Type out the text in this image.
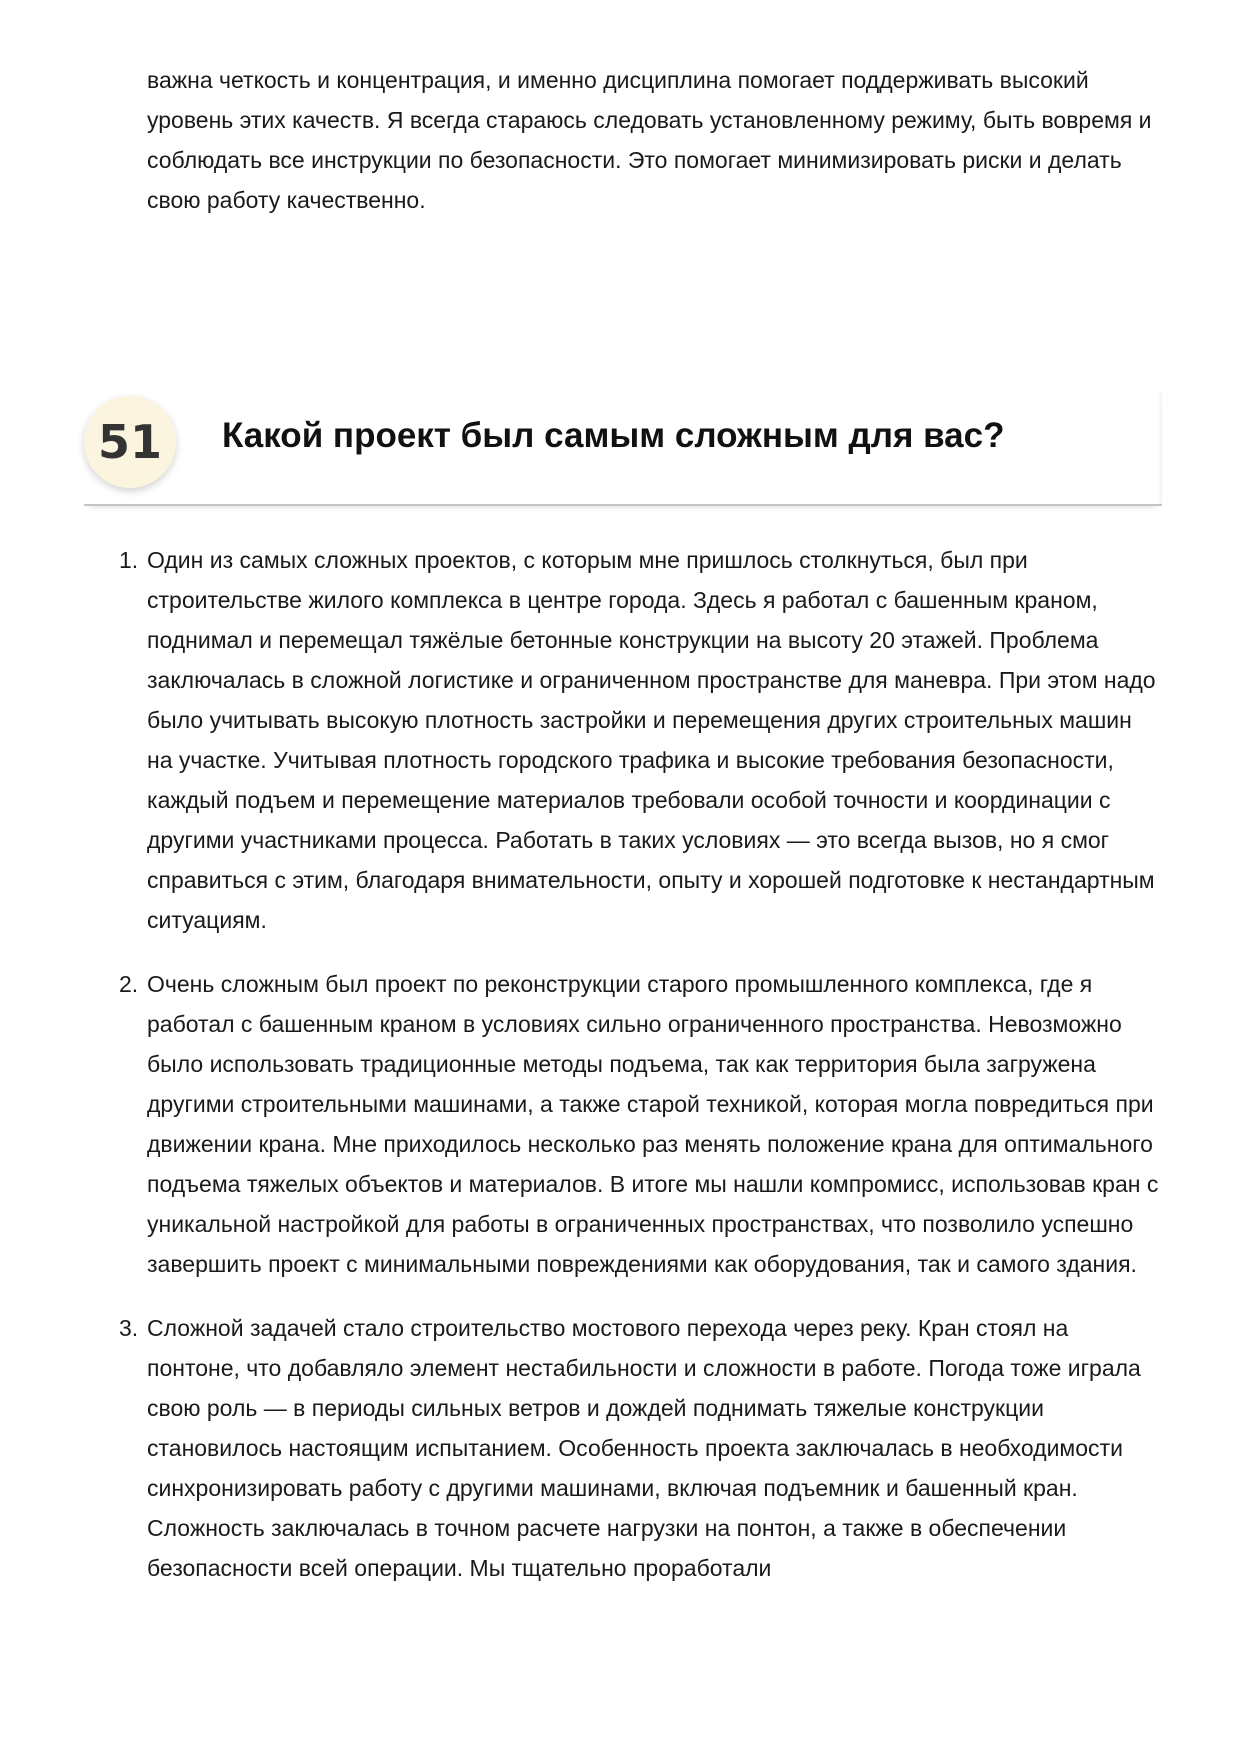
важна четкость и концентрация, и именно дисциплина помогает поддерживать высокий уровень этих качеств. Я всегда стараюсь следовать установленному режиму, быть вовремя и соблюдать все инструкции по безопасности. Это помогает минимизировать риски и делать свою работу качественно.

51	Какой проект был самым сложным для вас?
1. Один из самых сложных проектов, с которым мне пришлось столкнуться, был при строительстве жилого комплекса в центре города. Здесь я работал с башенным краном, поднимал и перемещал тяжёлые бетонные конструкции на высоту 20 этажей. Проблема заключалась в сложной логистике и ограниченном пространстве для маневра. При этом надо было учитывать высокую плотность застройки и перемещения других строительных машин на участке. Учитывая плотность городского трафика и высокие требования безопасности, каждый подъем и перемещение материалов требовали особой точности и координации с другими участниками процесса. Работать в таких условиях — это всегда вызов, но я смог справиться с этим, благодаря внимательности, опыту и хорошей подготовке к нестандартным ситуациям.
2. Очень сложным был проект по реконструкции старого промышленного комплекса, где я работал с башенным краном в условиях сильно ограниченного пространства. Невозможно было использовать традиционные методы подъема, так как территория была загружена другими строительными машинами, а также старой техникой, которая могла повредиться при движении крана. Мне приходилось несколько раз менять положение крана для оптимального подъема тяжелых объектов и материалов. В итоге мы нашли компромисс, использовав кран с уникальной настройкой для работы в ограниченных пространствах, что позволило успешно завершить проект с минимальными повреждениями как оборудования, так и самого здания.
3. Сложной задачей стало строительство мостового перехода через реку. Кран стоял на понтоне, что добавляло элемент нестабильности и сложности в работе. Погода тоже играла свою роль — в периоды сильных ветров и дождей поднимать тяжелые конструкции становилось настоящим испытанием. Особенность проекта заключалась в необходимости синхронизировать работу с другими машинами, включая подъемник и башенный кран. Сложность заключалась в точном расчете нагрузки на понтон, а также в обеспечении безопасности всей операции. Мы тщательно проработали
